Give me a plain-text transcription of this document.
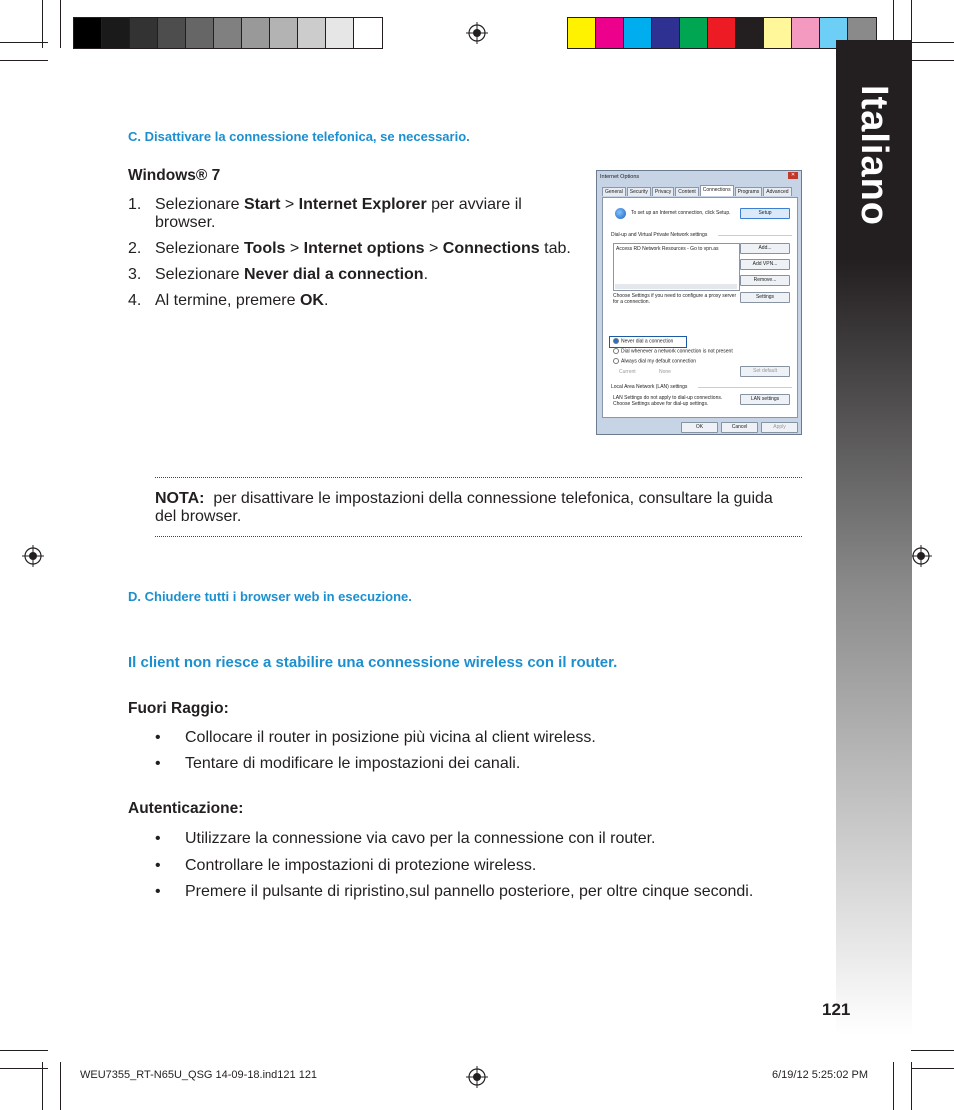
Italiano
121
C. Disattivare la connessione telefonica, se necessario.
Windows® 7
1. Selezionare Start > Internet Explorer per avviare il browser.
2. Selezionare Tools > Internet options > Connections tab.
3. Selezionare Never dial a connection.
4. Al termine, premere OK.
Internet Options	✕
General	Security	Privacy	Content	Connections	Programs	Advanced
To set up an Internet connection, click Setup.	Setup
Dial-up and Virtual Private Network settings
Access RD Network Resources - Go to vpn.as	Add...
Add VPN...
Remove...
Choose Settings if you need to configure a proxy server for a connection.
Settings
Never dial a connection
Dial whenever a network connection is not present
Always dial my default connection
Current	None	Set default
Local Area Network (LAN) settings
LAN Settings do not apply to dial-up connections. Choose Settings above for dial-up settings.
LAN settings
OK	Cancel	Apply
NOTA: per disattivare le impostazioni della connessione telefonica, consultare la guida del browser.
D. Chiudere tutti i browser web in esecuzione.
Il client non riesce a stabilire una connessione wireless con il router.
Fuori Raggio:
•	Collocare il router in posizione più vicina al client wireless.
•	Tentare di modificare le impostazioni dei canali.
Autenticazione:
•	Utilizzare la connessione via cavo per la connessione con il router.
•	Controllare le impostazioni di protezione wireless.
•	Premere il pulsante di ripristino,sul pannello posteriore, per oltre cinque secondi.
WEU7355_RT-N65U_QSG 14-09-18.ind121 121	6/19/12 5:25:02 PM
